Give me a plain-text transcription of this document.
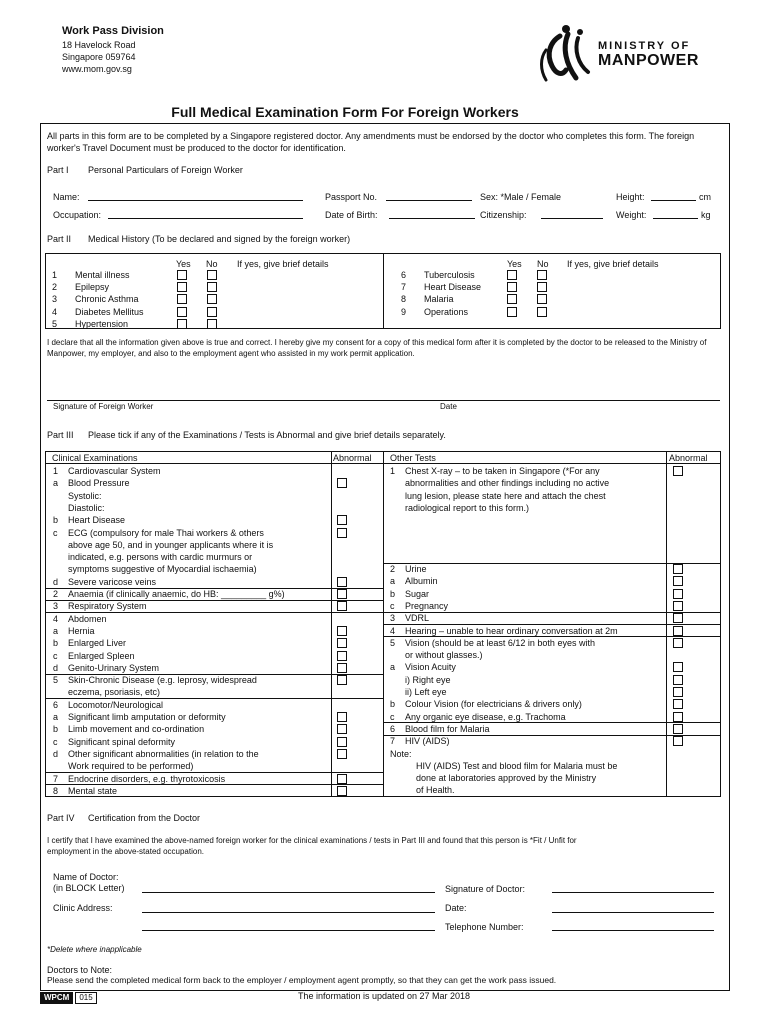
Work Pass Division
18 Havelock Road
Singapore 059764
www.mom.gov.sg
MINISTRY OF
MANPOWER
Full Medical Examination Form For Foreign Workers
All parts in this form are to be completed by a Singapore registered doctor. Any amendments must be endorsed by the doctor who completes this form. The foreign worker's Travel Document must be produced to the doctor for identification.
Part I Personal Particulars of Foreign Worker
Name:	Passport No.	Sex: *Male / Female	Height:	cm
Occupation:	Date of Birth:	Citizenship:	Weight:	kg
Part II Medical History (To be declared and signed by the foreign worker)
Yes No If yes, give brief details	Yes No If yes, give brief details
I declare that all the information given above is true and correct. I hereby give my consent for a copy of this medical form after it is completed by the doctor to be released to the Ministry of Manpower, my employer, and also to the employment agent who assisted in my work permit application.
Signature of Foreign Worker	Date
Part III Please tick if any of the Examinations / Tests is Abnormal and give brief details separately.
Clinical Examinations	Abnormal Other Tests	Abnormal
Part IV Certification from the Doctor
I certify that I have examined the above-named foreign worker for the clinical examinations / tests in Part III and found that this person is *Fit / Unfit for employment in the above-stated occupation.
Name of Doctor:
(in BLOCK Letter)	Signature of Doctor:
Clinic Address:	Date:
Telephone Number:
*Delete where inapplicable
Doctors to Note:
Please send the completed medical form back to the employer / employment agent promptly, so that they can get the work pass issued.
WPCM	015	The information is updated on 27 Mar 2018
1 Mental illness
2 Epilepsy
3 Chronic Asthma
4 Diabetes Mellitus
5 Hypertension
6 Tuberculosis
7 Heart Disease
8 Malaria
9 Operations
1 Cardiovascular System
a Blood Pressure
Systolic:
Diastolic:
b Heart Disease
c ECG (compulsory for male Thai workers & others
above age 50, and in younger applicants where it is
indicated, e.g. persons with cardic murmurs or
symptoms suggestive of Myocardial ischaemia)
d Severe varicose veins
2 Anaemia (if clinically anaemic, do HB: _________ g%)
3 Respiratory System
4 Abdomen
a Hernia
b Enlarged Liver
c Enlarged Spleen
d Genito-Urinary System
5 Skin-Chronic Disease (e.g. leprosy, widespread
eczema, psoriasis, etc)
6 Locomotor/Neurological
a Significant limb amputation or deformity
b Limb movement and co-ordination
c Significant spinal deformity
d Other significant abnormalities (in relation to the
Work required to be performed)
7 Endocrine disorders, e.g. thyrotoxicosis
8 Mental state
1 Chest X-ray – to be taken in Singapore (*For any
abnormalities and other findings including no active
lung lesion, please state here and attach the chest
radiological report to this form.)
2 Urine
a Albumin
b Sugar
c Pregnancy
3 VDRL
4 Hearing – unable to hear ordinary conversation at 2m
5 Vision (should be at least 6/12 in both eyes with
or without glasses.)
a Vision Acuity
i) Right eye
ii) Left eye
b Colour Vision (for electricians & drivers only)
c Any organic eye disease, e.g. Trachoma
6 Blood film for Malaria
7 HIV (AIDS)
Note:
HIV (AIDS) Test and blood film for Malaria must be
done at laboratories approved by the Ministry
of Health.
